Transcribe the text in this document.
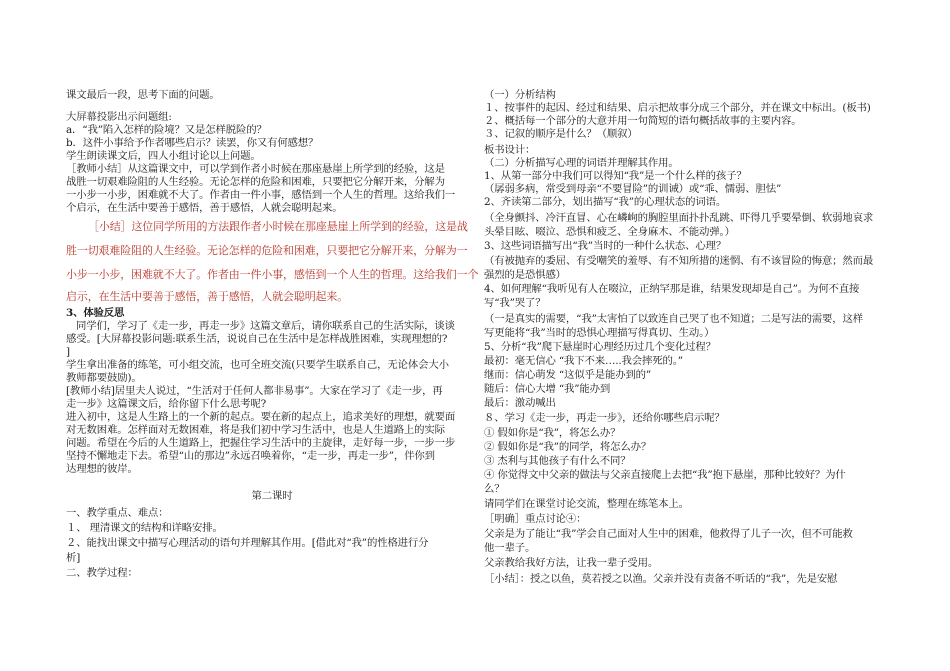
课文最后一段，思考下面的问题。
大屏幕投影出示问题组:
a．“我”陷入怎样的险境？又是怎样脱险的？
b．这件小事给予作者哪些启示？读罢，你又有何感想？
学生朗读课文后，四人小组讨论以上问题。
［教师小结］从这篇课文中，可以学到作者小时候在那座悬崖上所学到的经验，这是
战胜一切艰难险阻的人生经验。无论怎样的危险和困难，只要把它分解开来，分解为
一小步一小步，困难就不大了。作者由一件小事，感悟到一个人生的哲理。这给我们一
个启示，在生活中要善于感悟，善于感悟，人就会聪明起来。
［小结］这位同学所用的方法跟作者小时候在那座悬崖上所学到的经验，这是战
胜一切艰难险阻的人生经验。无论怎样的危险和困难，只要把它分解开来，分解为一
小步一小步，困难就不大了。作者由一件小事，感悟到一个人生的哲理。这给我们一个
启示，在生活中要善于感悟，善于感悟，人就会聪明起来。
3、体验反思
同学们，学习了《走一步，再走一步》这篇文章后，请你联系自己的生活实际，谈谈
感受。[大屏幕投影问题:联系生活，说说自己在生活中是怎样战胜困难，实现理想的?
]
学生拿出准备的练笔，可小组交流，也可全班交流(只要学生联系自己，无论体会大小
教师都要鼓励)。
[教师小结]居里夫人说过，“生活对于任何人都非易事”。大家在学习了《走一步，再
走一步》这篇课文后，给你留下什么思考呢?
进入初中，这是人生路上的一个新的起点。要在新的起点上，追求美好的理想，就要面
对无数困难。怎样面对无数困难，将是我们初中学习生活中，也是人生道路上的实际
问题。希望在今后的人生道路上，把握住学习生活中的主旋律，走好每一步，一步一步
坚持不懈地走下去。希望“山的那边”永远召唤着你，“走一步，再走一步”，伴你到
达理想的彼岸。
第二课时
一、教学重点、难点：
１、 理清课文的结构和详略安排。
２、能找出课文中描写心理活动的语句并理解其作用。[借此对“我”的性格进行分
析]
二、教学过程：
（一）分析结构
１、按事件的起因、经过和结果、启示把故事分成三个部分，并在课文中标出。(板书)
２、概括每一个部分的大意并用一句简短的语句概括故事的主要内容。
３、记叙的顺序是什么？（顺叙）
板书设计：
（二）分析描写心理的词语并理解其作用。
1、从第一部分中我们可以得知“我”是一个什么样的孩子？
（孱弱多病，常受到母亲“不要冒险”的训诫）或“乖、懦弱、胆怯”
2、齐读第二部分，划出描写“我”的心理状态的词语。
（全身颤抖、冷汗直冒、心在嶙峋的胸腔里面扑扑乱跳、吓得几乎要晕倒、软弱地哀求
头晕目眩、啜泣、恐惧和疲乏、全身麻木、不能动弹。）
3、这些词语描写出“我”当时的一种什么状态、心理？
（有被抛弃的委屈、有受嘲笑的羞辱、有不知所措的迷惘、有不该冒险的悔意；然而最
强烈的是恐惧感）
4、如何理解“我听见有人在啜泣，正纳罕那是谁，结果发现却是自己”。为何不直接
写“我”哭了？
（一是真实的需要，“我”太害怕了以致连自己哭了也不知道；二是写法的需要，这样
写更能将“我”当时的恐惧心理描写得真切、生动。）
5、分析“我”爬下悬崖时心理经历过几个变化过程？
最初：毫无信心 “我下不来…..我会摔死的。”
继而：信心萌发 “这似乎是能办到的”
随后：信心大增 “我”能办到
最后：激动喊出
８、学习《走一步，再走一步》，还给你哪些启示呢？
① 假如你是“我”，将怎么办？
② 假如你是“我”的同学，将怎么办？
③ 杰利与其他孩子有什么不同？
④ 你觉得文中父亲的做法与父亲直接爬上去把“我”抱下悬崖，那种比较好？为什
么？
请同学们在课堂讨论交流，整理在练笔本上。
［明确］重点讨论④：
父亲是为了能让“我”学会自己面对人生中的困难，他救得了儿子一次，但不可能救
他一辈子。
父亲教给我好方法，让我一辈子受用。
［小结］：授之以鱼，莫若授之以渔。父亲并没有责备不听话的“我”，先是安慰
